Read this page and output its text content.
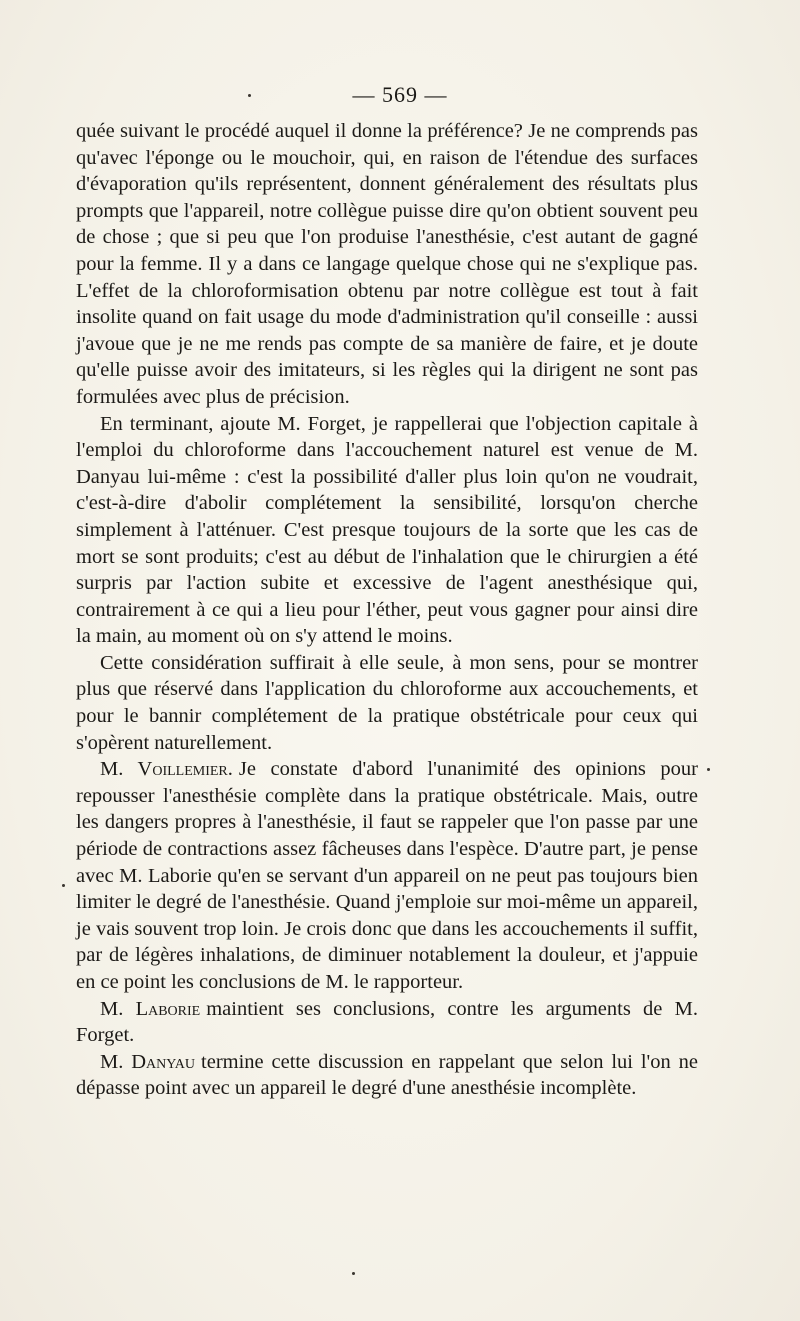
— 569 —

quée suivant le procédé auquel il donne la préférence? Je ne comprends pas qu'avec l'éponge ou le mouchoir, qui, en raison de l'étendue des surfaces d'évaporation qu'ils représentent, donnent généralement des résultats plus prompts que l'appareil, notre collègue puisse dire qu'on obtient souvent peu de chose ; que si peu que l'on produise l'anesthésie, c'est autant de gagné pour la femme. Il y a dans ce langage quelque chose qui ne s'explique pas. L'effet de la chloroformisation obtenu par notre collègue est tout à fait insolite quand on fait usage du mode d'administration qu'il conseille : aussi j'avoue que je ne me rends pas compte de sa manière de faire, et je doute qu'elle puisse avoir des imitateurs, si les règles qui la dirigent ne sont pas formulées avec plus de précision.

En terminant, ajoute M. Forget, je rappellerai que l'objection capitale à l'emploi du chloroforme dans l'accouchement naturel est venue de M. Danyau lui-même : c'est la possibilité d'aller plus loin qu'on ne voudrait, c'est-à-dire d'abolir complétement la sensibilité, lorsqu'on cherche simplement à l'atténuer. C'est presque toujours de la sorte que les cas de mort se sont produits; c'est au début de l'inhalation que le chirurgien a été surpris par l'action subite et excessive de l'agent anesthésique qui, contrairement à ce qui a lieu pour l'éther, peut vous gagner pour ainsi dire la main, au moment où on s'y attend le moins.

Cette considération suffirait à elle seule, à mon sens, pour se montrer plus que réservé dans l'application du chloroforme aux accouchements, et pour le bannir complétement de la pratique obstétricale pour ceux qui s'opèrent naturellement.

M. Voillemier. Je constate d'abord l'unanimité des opinions pour repousser l'anesthésie complète dans la pratique obstétricale. Mais, outre les dangers propres à l'anesthésie, il faut se rappeler que l'on passe par une période de contractions assez fâcheuses dans l'espèce. D'autre part, je pense avec M. Laborie qu'en se servant d'un appareil on ne peut pas toujours bien limiter le degré de l'anesthésie. Quand j'emploie sur moi-même un appareil, je vais souvent trop loin. Je crois donc que dans les accouchements il suffit, par de légères inhalations, de diminuer notablement la douleur, et j'appuie en ce point les conclusions de M. le rapporteur.

M. Laborie maintient ses conclusions, contre les arguments de M. Forget.

M. Danyau termine cette discussion en rappelant que selon lui l'on ne dépasse point avec un appareil le degré d'une anesthésie incomplète.
